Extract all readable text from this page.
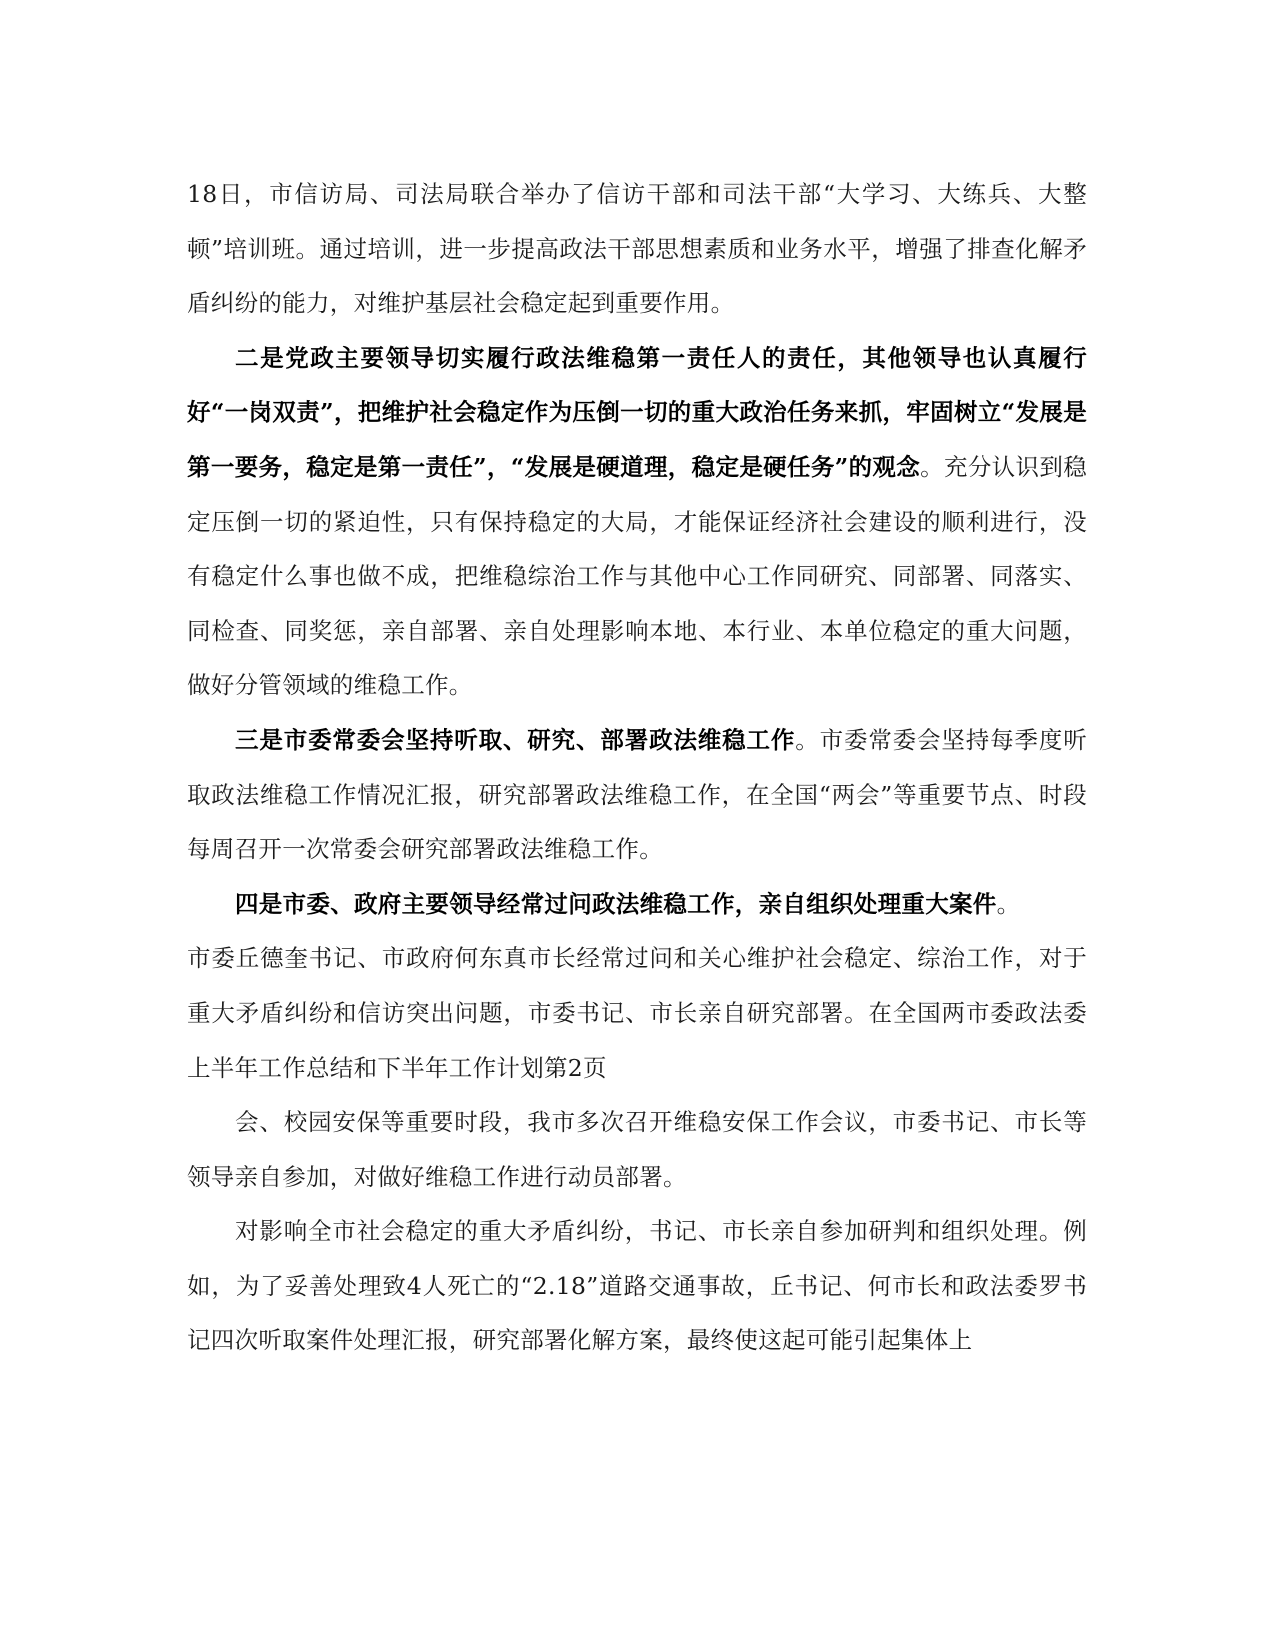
18日，市信访局、司法局联合举办了信访干部和司法干部“大学习、大练兵、大整顿”培训班。通过培训，进一步提高政法干部思想素质和业务水平，增强了排查化解矛盾纠纷的能力，对维护基层社会稳定起到重要作用。

二是党政主要领导切实履行政法维稳第一责任人的责任，其他领导也认真履行好“一岗双责”，把维护社会稳定作为压倒一切的重大政治任务来抓，牢固树立“发展是第一要务，稳定是第一责任”，“发展是硬道理，稳定是硬任务”的观念。充分认识到稳定压倒一切的紧迫性，只有保持稳定的大局，才能保证经济社会建设的顺利进行，没有稳定什么事也做不成，把维稳综治工作与其他中心工作同研究、同部署、同落实、同检查、同奖惩，亲自部署、亲自处理影响本地、本行业、本单位稳定的重大问题，做好分管领域的维稳工作。

三是市委常委会坚持听取、研究、部署政法维稳工作。市委常委会坚持每季度听取政法维稳工作情况汇报，研究部署政法维稳工作，在全国“两会”等重要节点、时段每周召开一次常委会研究部署政法维稳工作。

四是市委、政府主要领导经常过问政法维稳工作，亲自组织处理重大案件。

市委丘德奎书记、市政府何东真市长经常过问和关心维护社会稳定、综治工作，对于重大矛盾纠纷和信访突出问题，市委书记、市长亲自研究部署。在全国两市委政法委上半年工作总结和下半年工作计划第2页

会、校园安保等重要时段，我市多次召开维稳安保工作会议，市委书记、市长等领导亲自参加，对做好维稳工作进行动员部署。

对影响全市社会稳定的重大矛盾纠纷，书记、市长亲自参加研判和组织处理。例如，为了妥善处理致4人死亡的“2.18”道路交通事故，丘书记、何市长和政法委罗书记四次听取案件处理汇报，研究部署化解方案，最终使这起可能引起集体上
